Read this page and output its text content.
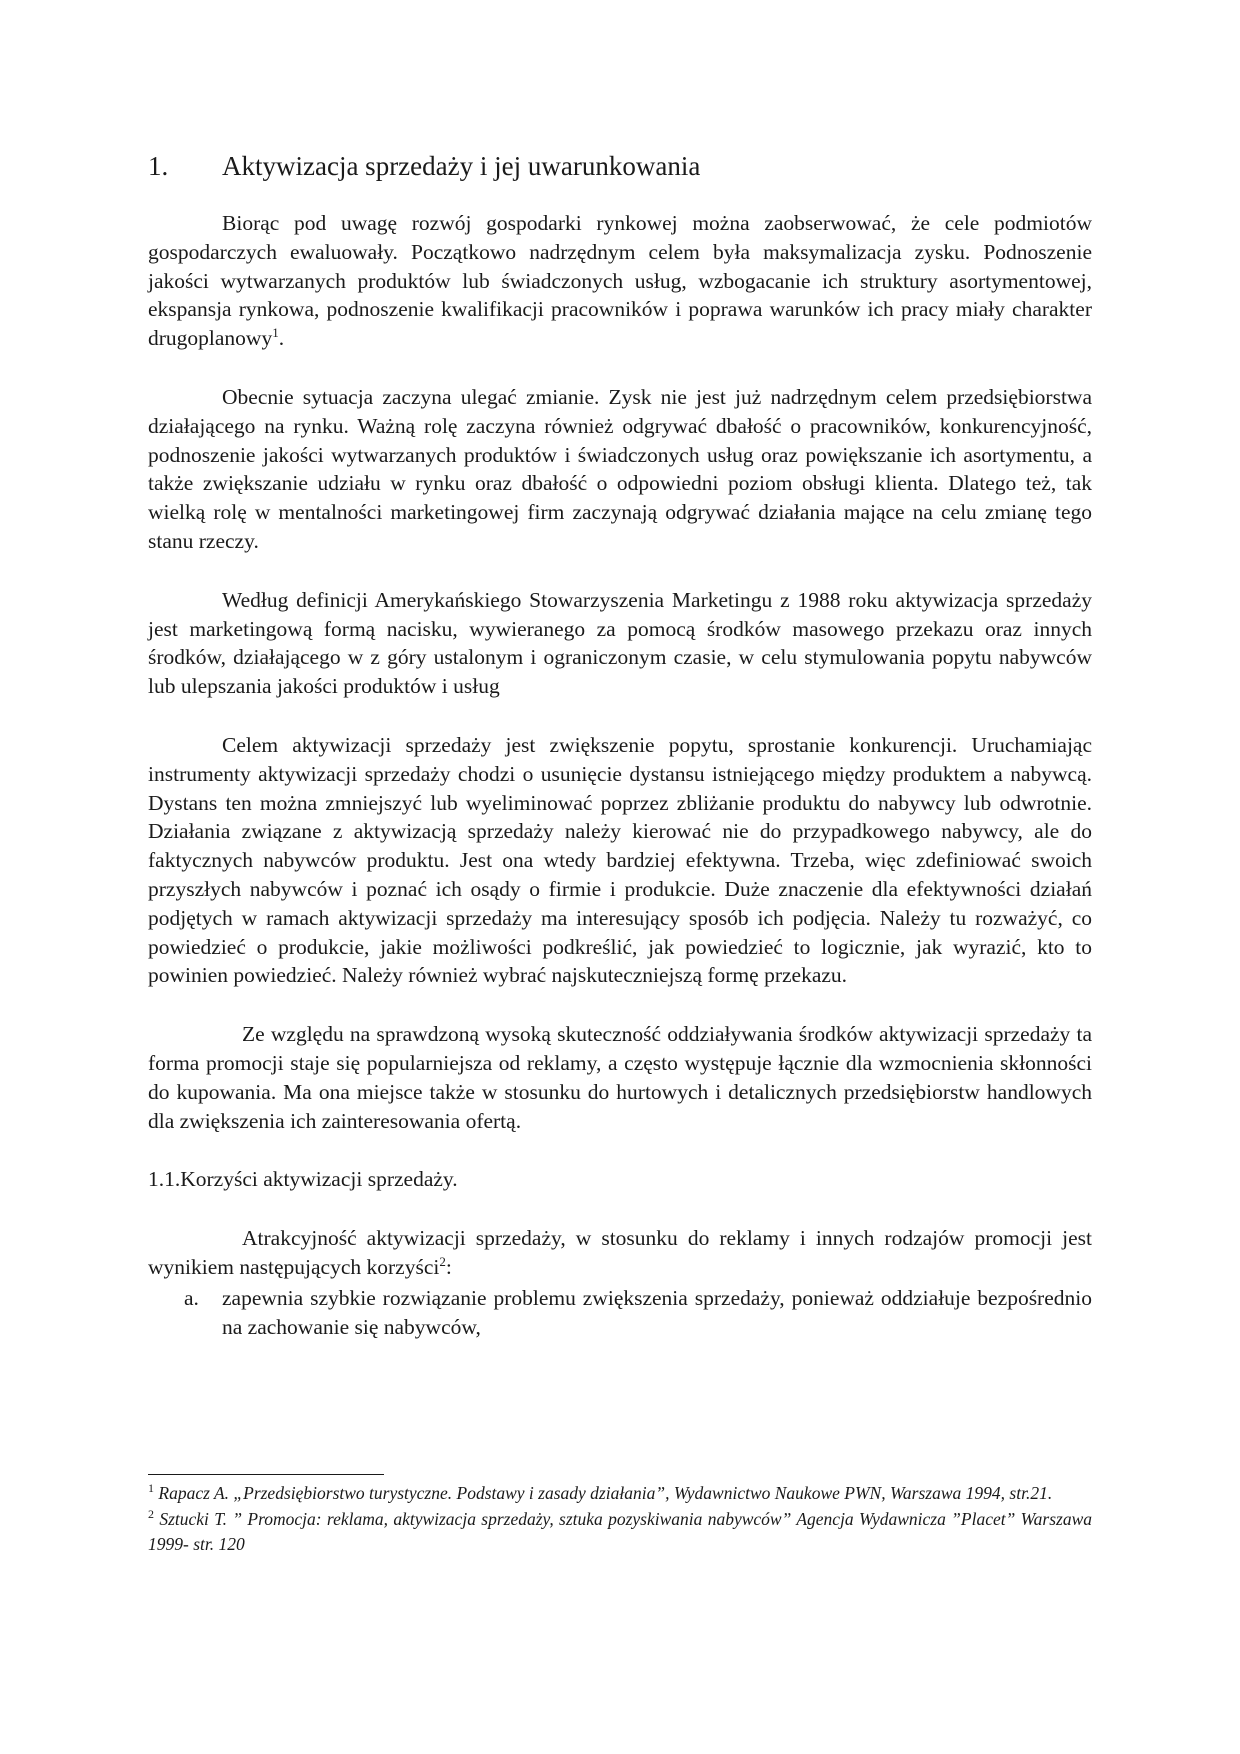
1.	Aktywizacja sprzedaży i jej uwarunkowania

Biorąc pod uwagę rozwój gospodarki rynkowej można zaobserwować, że cele podmiotów gospodarczych ewaluowały. Początkowo nadrzędnym celem była maksymalizacja zysku. Podnoszenie jakości wytwarzanych produktów lub świadczonych usług, wzbogacanie ich struktury asortymentowej, ekspansja rynkowa, podnoszenie kwalifikacji pracowników i poprawa warunków ich pracy miały charakter drugoplanowy$^1$.

Obecnie sytuacja zaczyna ulegać zmianie. Zysk nie jest już nadrzędnym celem przedsiębiorstwa działającego na rynku. Ważną rolę zaczyna również odgrywać dbałość o pracowników, konkurencyjność, podnoszenie jakości wytwarzanych produktów i świadczonych usług oraz powiększanie ich asortymentu, a także zwiększanie udziału w rynku oraz dbałość o odpowiedni poziom obsługi klienta. Dlatego też, tak wielką rolę w mentalności marketingowej firm zaczynają odgrywać działania mające na celu zmianę tego stanu rzeczy.

Według definicji Amerykańskiego Stowarzyszenia Marketingu z 1988 roku aktywizacja sprzedaży jest marketingową formą nacisku, wywieranego za pomocą środków masowego przekazu oraz innych środków, działającego w z góry ustalonym i ograniczonym czasie, w celu stymulowania popytu nabywców lub ulepszania jakości produktów i usług

Celem aktywizacji sprzedaży jest zwiększenie popytu, sprostanie konkurencji. Uruchamiając instrumenty aktywizacji sprzedaży chodzi o usunięcie dystansu istniejącego między produktem a nabywcą. Dystans ten można zmniejszyć lub wyeliminować poprzez zbliżanie produktu do nabywcy lub odwrotnie. Działania związane z aktywizacją sprzedaży należy kierować nie do przypadkowego nabywcy, ale do faktycznych nabywców produktu. Jest ona wtedy bardziej efektywna. Trzeba, więc zdefiniować swoich przyszłych nabywców i poznać ich osądy o firmie i produkcie. Duże znaczenie dla efektywności działań podjętych w ramach aktywizacji sprzedaży ma interesujący sposób ich podjęcia. Należy tu rozważyć, co powiedzieć o produkcie, jakie możliwości podkreślić, jak powiedzieć to logicznie, jak wyrazić, kto to powinien powiedzieć. Należy również wybrać najskuteczniejszą formę przekazu.

Ze względu na sprawdzoną wysoką skuteczność oddziaływania środków aktywizacji sprzedaży ta forma promocji staje się popularniejsza od reklamy, a często występuje łącznie dla wzmocnienia skłonności do kupowania. Ma ona miejsce także w stosunku do hurtowych i detalicznych przedsiębiorstw handlowych dla zwiększenia ich zainteresowania ofertą.

1.1.Korzyści aktywizacji sprzedaży.

Atrakcyjność aktywizacji sprzedaży, w stosunku do reklamy i innych rodzajów promocji jest wynikiem następujących korzyści$^2$:

a.	zapewnia szybkie rozwiązanie problemu zwiększenia sprzedaży, ponieważ oddziałuje bezpośrednio na zachowanie się nabywców,
$^1$ Rapacz A. „Przedsiębiorstwo turystyczne. Podstawy i zasady działania”, Wydawnictwo Naukowe PWN, Warszawa 1994, str.21.
$^2$ Sztucki T. ” Promocja: reklama, aktywizacja sprzedaży, sztuka pozyskiwania nabywców” Agencja Wydawnicza ”Placet” Warszawa 1999- str. 120
